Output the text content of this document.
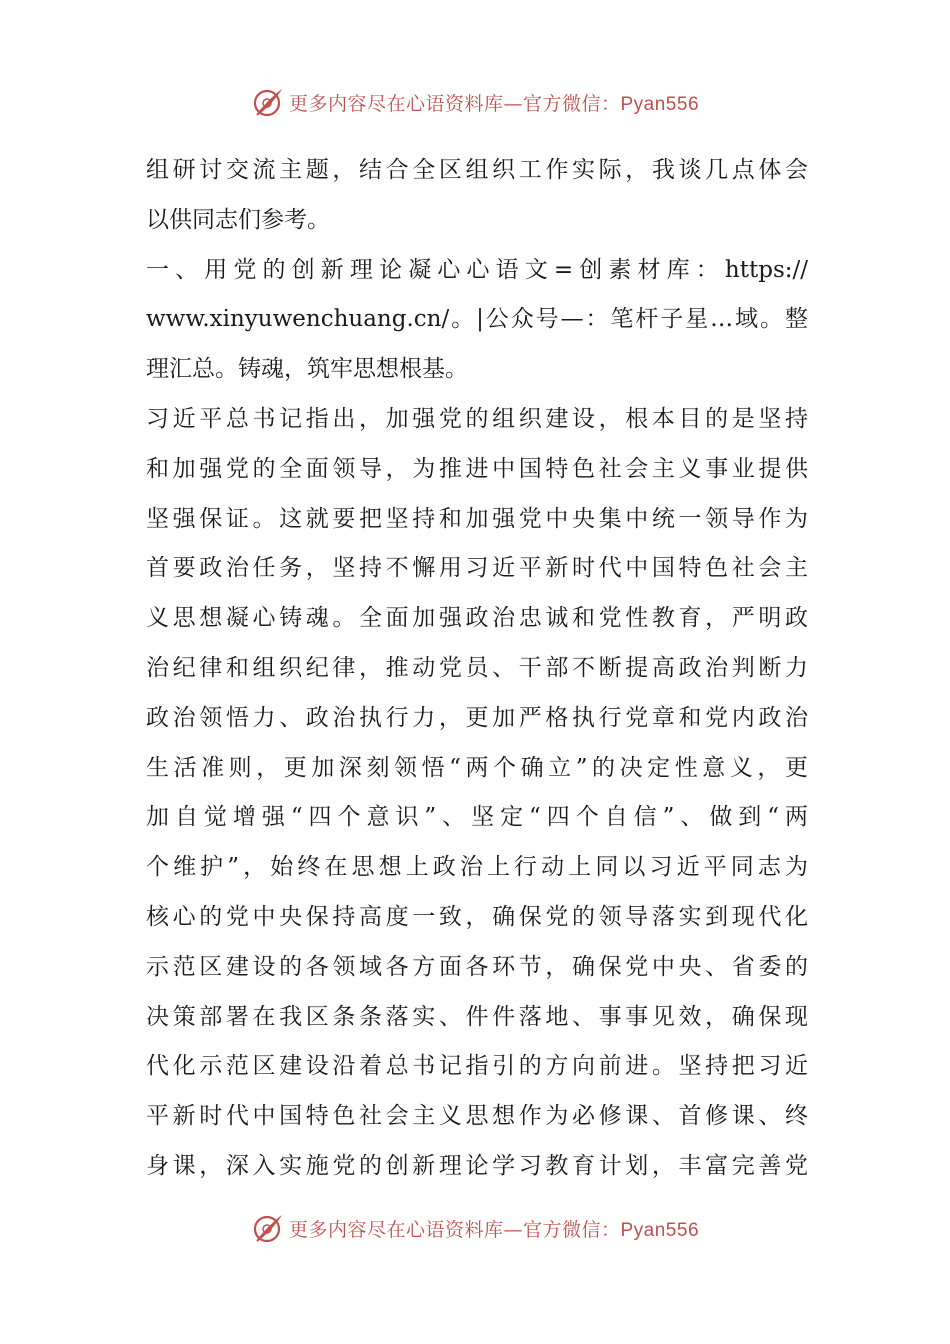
更多内容尽在心语资料库—官方微信：Pyan556
组研讨交流主题，结合全区组织工作实际，我谈几点体会
以供同志们参考。
一、用党的创新理论凝心心语文=创素材库：https://
www.xinyuwenchuang.cn/。|公众号—：笔杆子星…域。整
理汇总。铸魂，筑牢思想根基。
习近平总书记指出，加强党的组织建设，根本目的是坚持
和加强党的全面领导，为推进中国特色社会主义事业提供
坚强保证。这就要把坚持和加强党中央集中统一领导作为
首要政治任务，坚持不懈用习近平新时代中国特色社会主
义思想凝心铸魂。全面加强政治忠诚和党性教育，严明政
治纪律和组织纪律，推动党员、干部不断提高政治判断力
政治领悟力、政治执行力，更加严格执行党章和党内政治
生活准则，更加深刻领悟“两个确立”的决定性意义，更
加自觉增强“四个意识”、坚定“四个自信”、做到“两
个维护”，始终在思想上政治上行动上同以习近平同志为
核心的党中央保持高度一致，确保党的领导落实到现代化
示范区建设的各领域各方面各环节，确保党中央、省委的
决策部署在我区条条落实、件件落地、事事见效，确保现
代化示范区建设沿着总书记指引的方向前进。坚持把习近
平新时代中国特色社会主义思想作为必修课、首修课、终
身课，深入实施党的创新理论学习教育计划，丰富完善党
更多内容尽在心语资料库—官方微信：Pyan556
